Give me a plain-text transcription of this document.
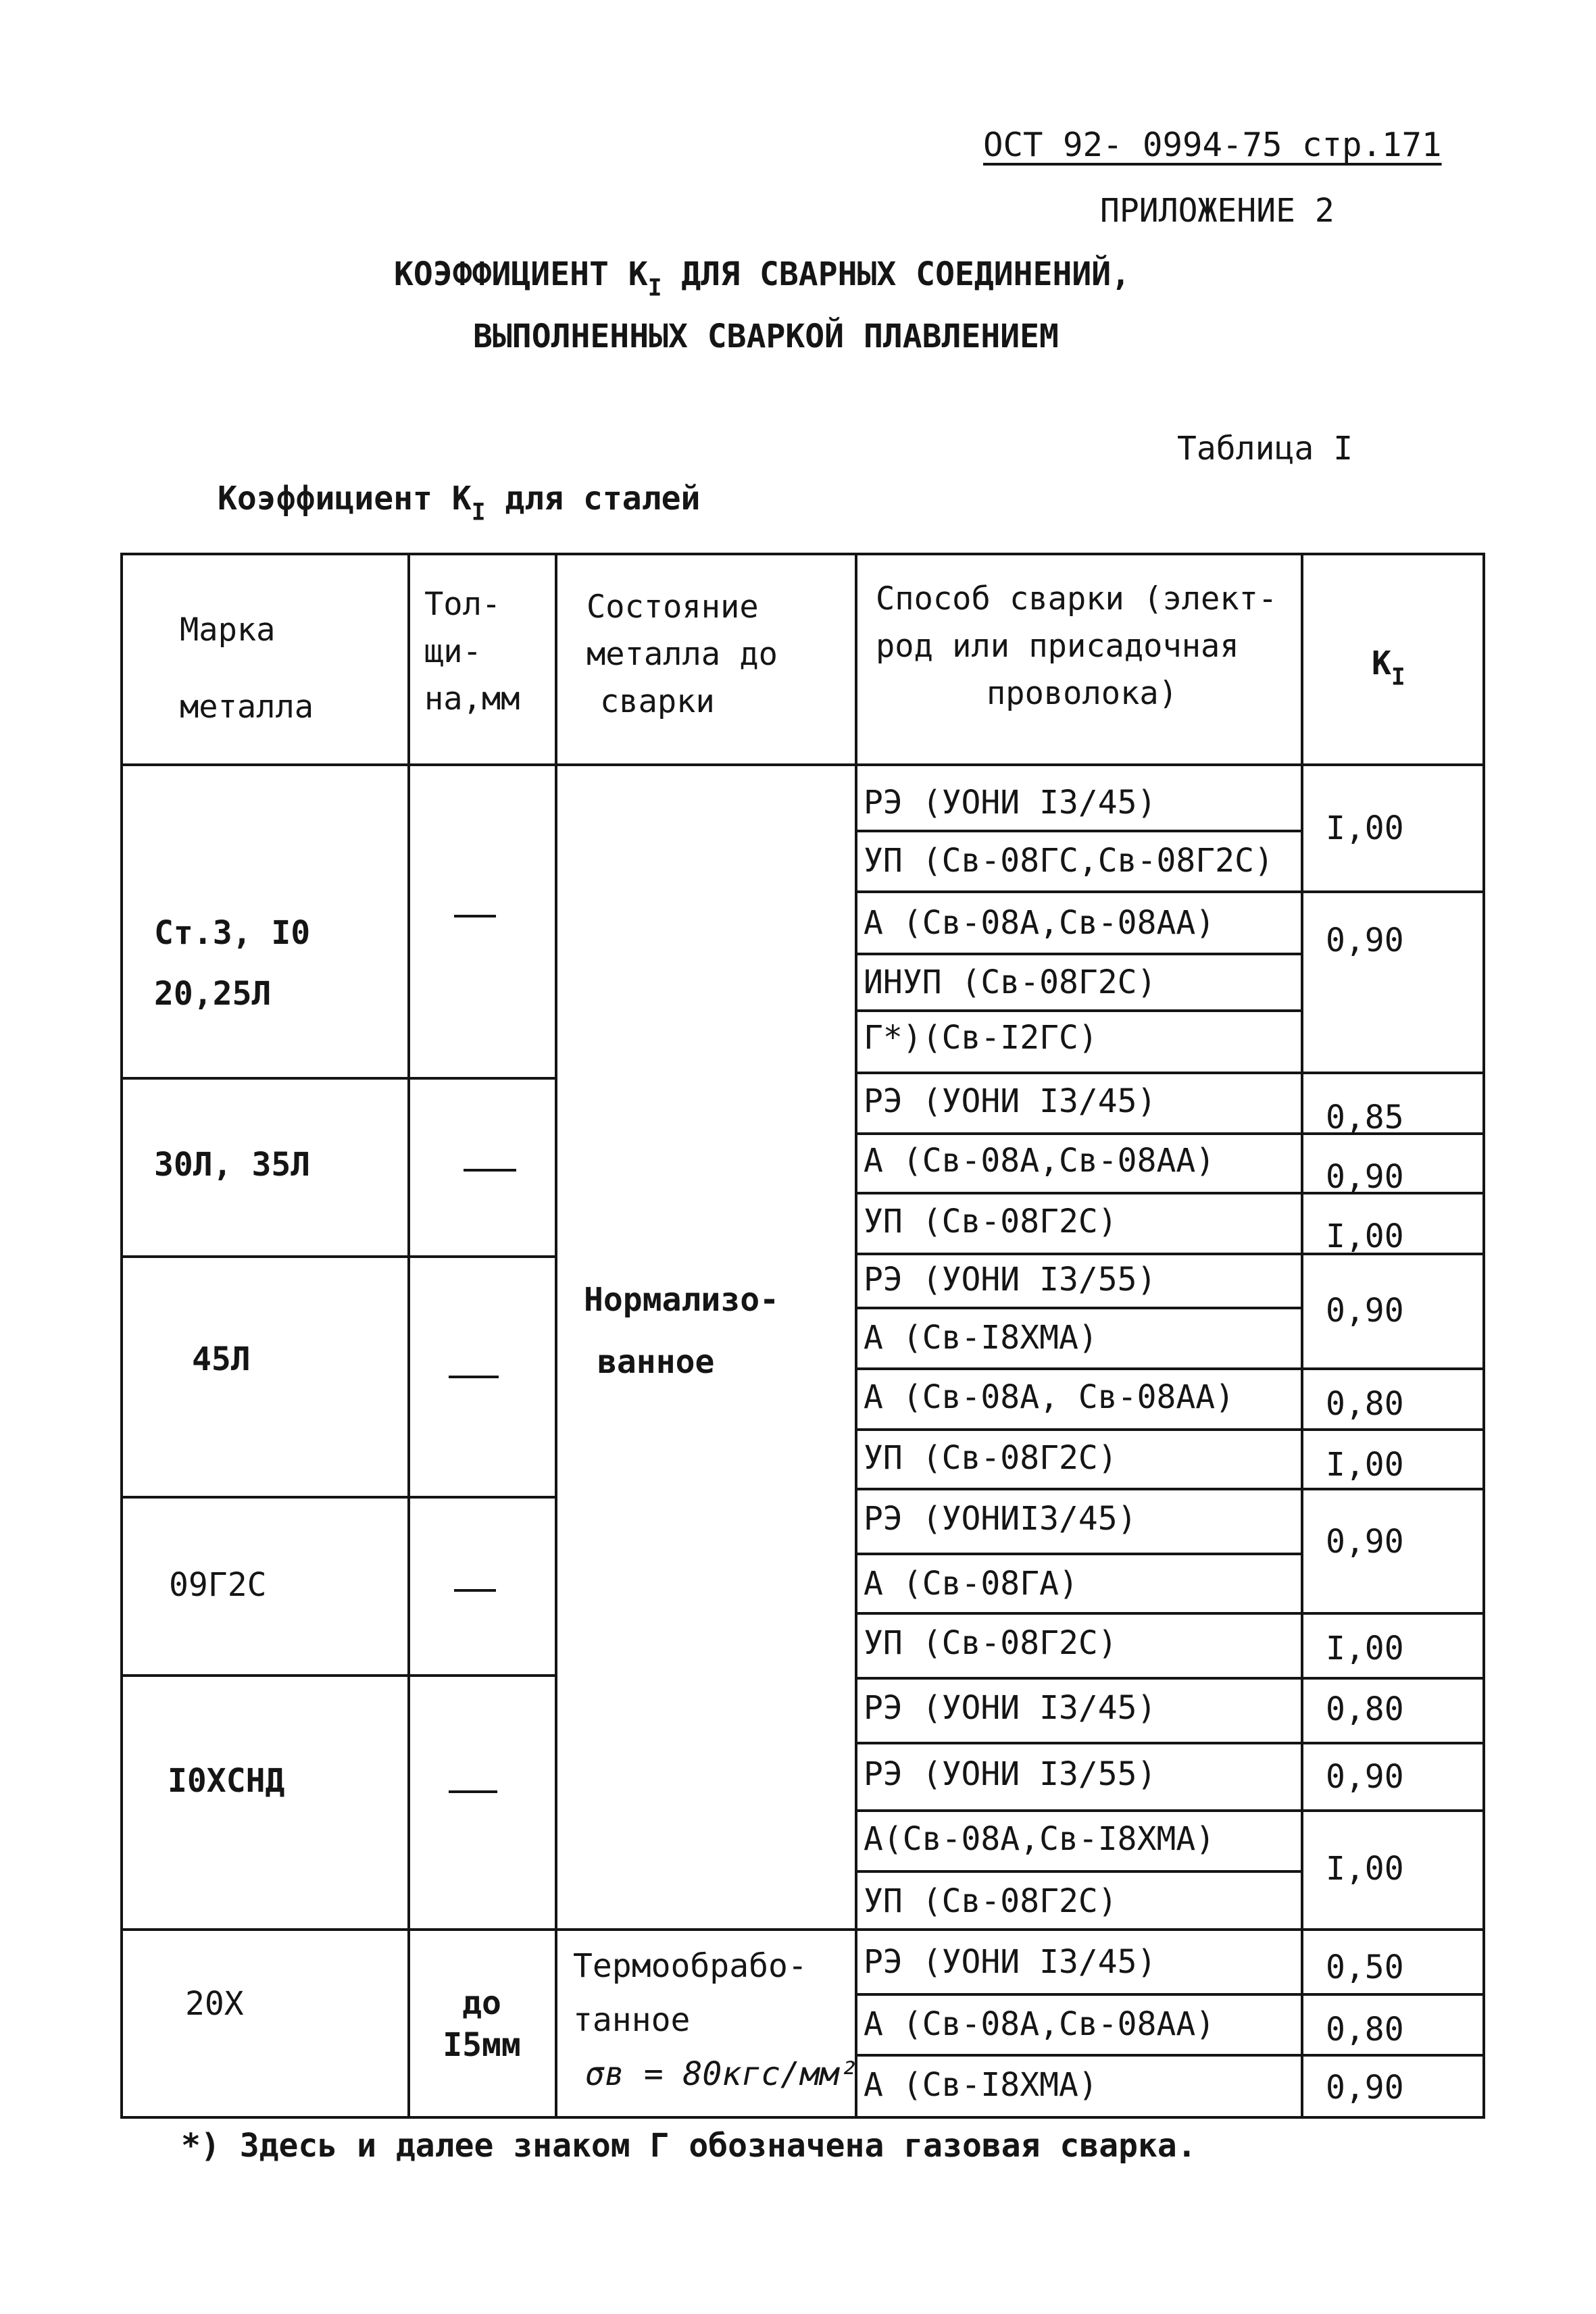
ОСТ 92- 0994-75 стр.171
ПРИЛОЖЕНИЕ 2
КОЭФФИЦИЕНТ $К_I$ ДЛЯ СВАРНЫХ СОЕДИНЕНИЙ,
ВЫПОЛНЕННЫХ СВАРКОЙ ПЛАВЛЕНИЕМ
Таблица I
Коэффициент $К_I$ для сталей
Марка
металла
Тол-
щи-
на,мм
Состояние
металла до
сварки
Способ сварки (элект-
род или присадочная
проволока)
$К_I$
Ст.3, I0
20,25Л
30Л, 35Л
45Л
09Г2С
I0ХСНД
20Х	до
I5мм
Нормализо-
ванное
Термообрабо-
танное
σв = 80кгс/мм²
РЭ (УОНИ I3/45)
УП (Св-08ГС,Св-08Г2С)
А (Св-08А,Св-08АА)
ИНУП (Св-08Г2С)
Г*)(Св-I2ГС)
РЭ (УОНИ I3/45)
А (Св-08А,Св-08АА)
УП (Св-08Г2С)
РЭ (УОНИ I3/55)
А (Св-I8ХМА)
А (Св-08А, Св-08АА)
УП (Св-08Г2С)
РЭ (УОНИI3/45)
А (Св-08ГА)
УП (Св-08Г2С)
РЭ (УОНИ I3/45)
РЭ (УОНИ I3/55)
А(Св-08А,Св-I8ХМА)
УП (Св-08Г2С)
РЭ (УОНИ I3/45)
А (Св-08А,Св-08АА)
А (Св-I8ХМА)
I,00
0,90
0,85
0,90
I,00
0,90
0,80
I,00
0,90
I,00
0,80
0,90
I,00
0,50
0,80
0,90
*) Здесь и далее знаком Г обозначена газовая сварка.
